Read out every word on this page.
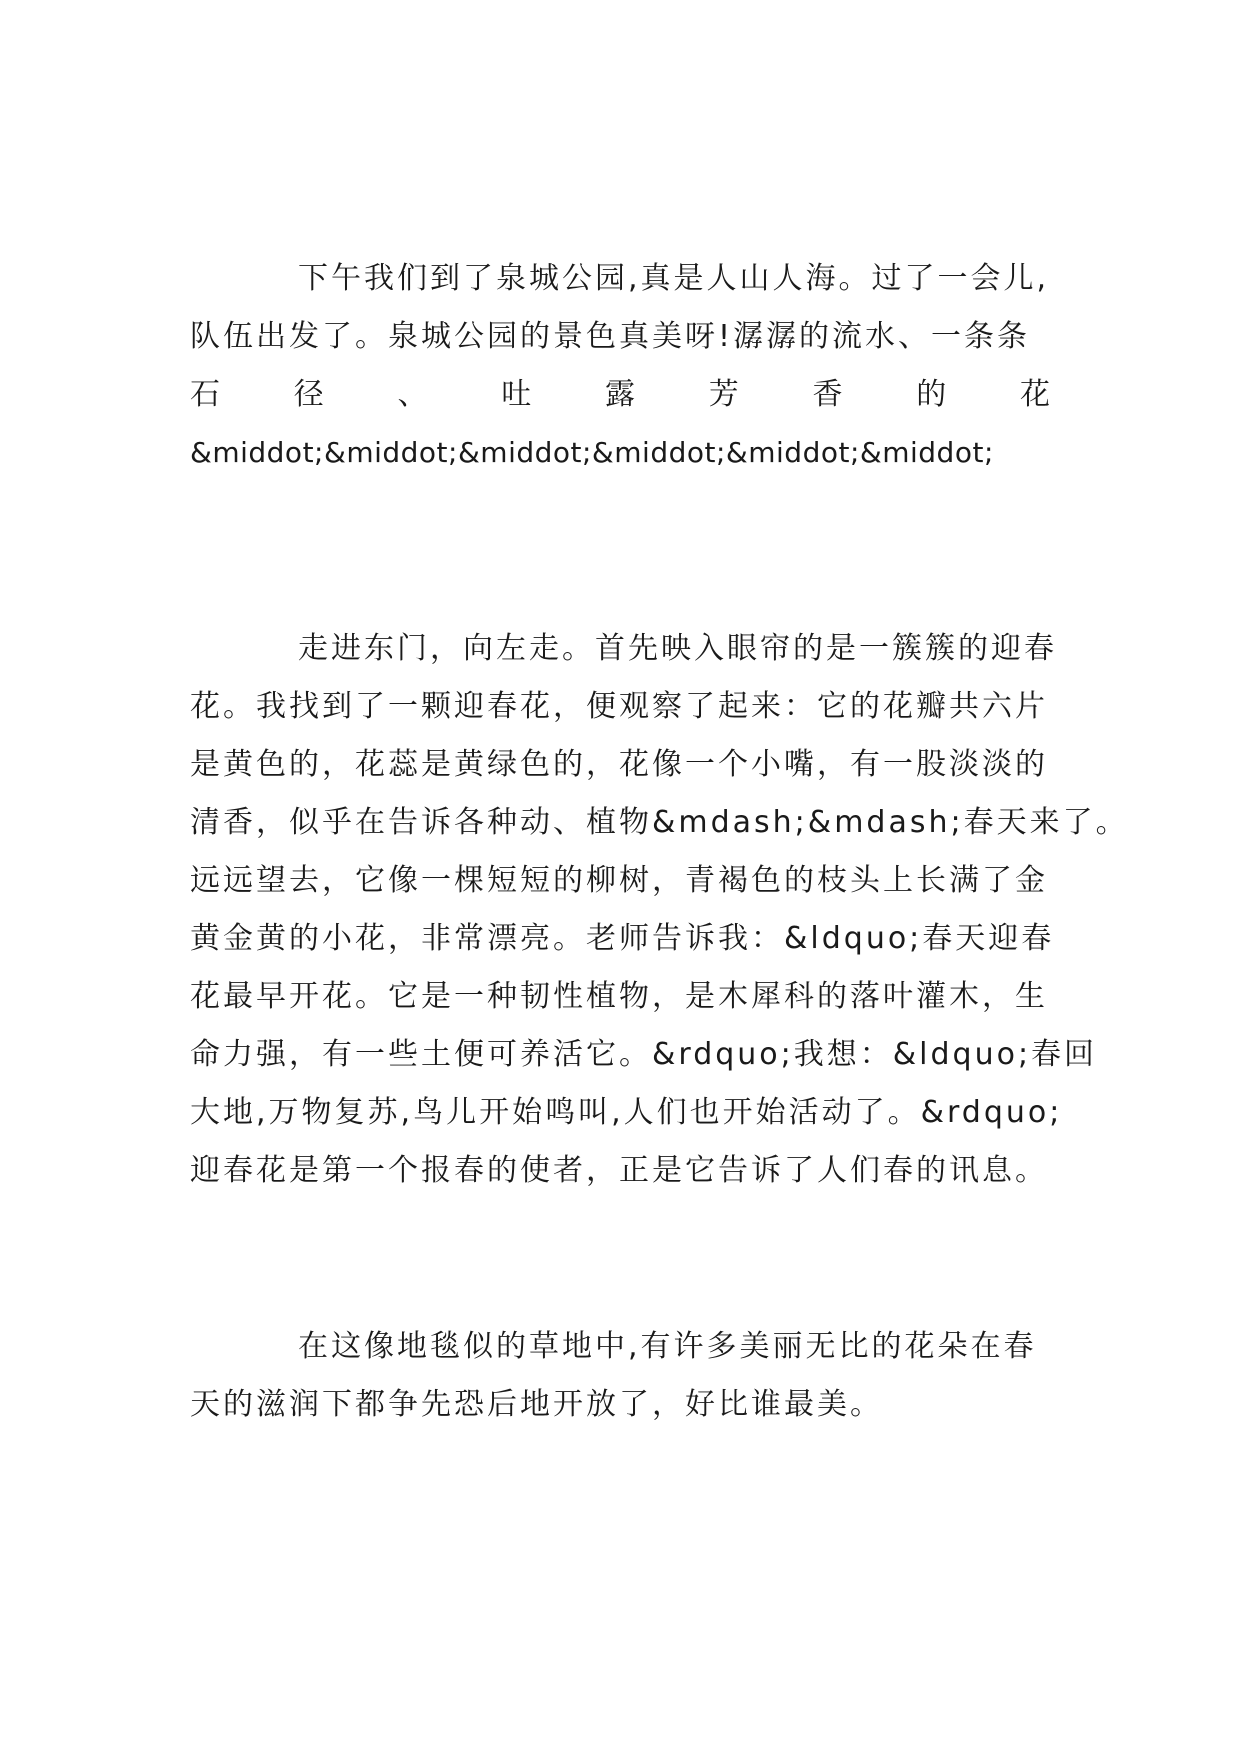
下午我们到了泉城公园,真是人山人海。过了一会儿,
队伍出发了。泉城公园的景色真美呀!潺潺的流水、一条条
石 径 、 吐 露 芳 香 的 花
&middot;&middot;&middot;&middot;&middot;&middot;
走进东门，向左走。首先映入眼帘的是一簇簇的迎春
花。我找到了一颗迎春花，便观察了起来：它的花瓣共六片
是黄色的，花蕊是黄绿色的，花像一个小嘴，有一股淡淡的
清香，似乎在告诉各种动、植物&mdash;&mdash;春天来了。
远远望去，它像一棵短短的柳树，青褐色的枝头上长满了金
黄金黄的小花，非常漂亮。老师告诉我：&ldquo;春天迎春
花最早开花。它是一种韧性植物，是木犀科的落叶灌木，生
命力强，有一些土便可养活它。&rdquo;我想：&ldquo;春回
大地,万物复苏,鸟儿开始鸣叫,人们也开始活动了。&rdquo;
迎春花是第一个报春的使者，正是它告诉了人们春的讯息。
在这像地毯似的草地中,有许多美丽无比的花朵在春
天的滋润下都争先恐后地开放了，好比谁最美。
